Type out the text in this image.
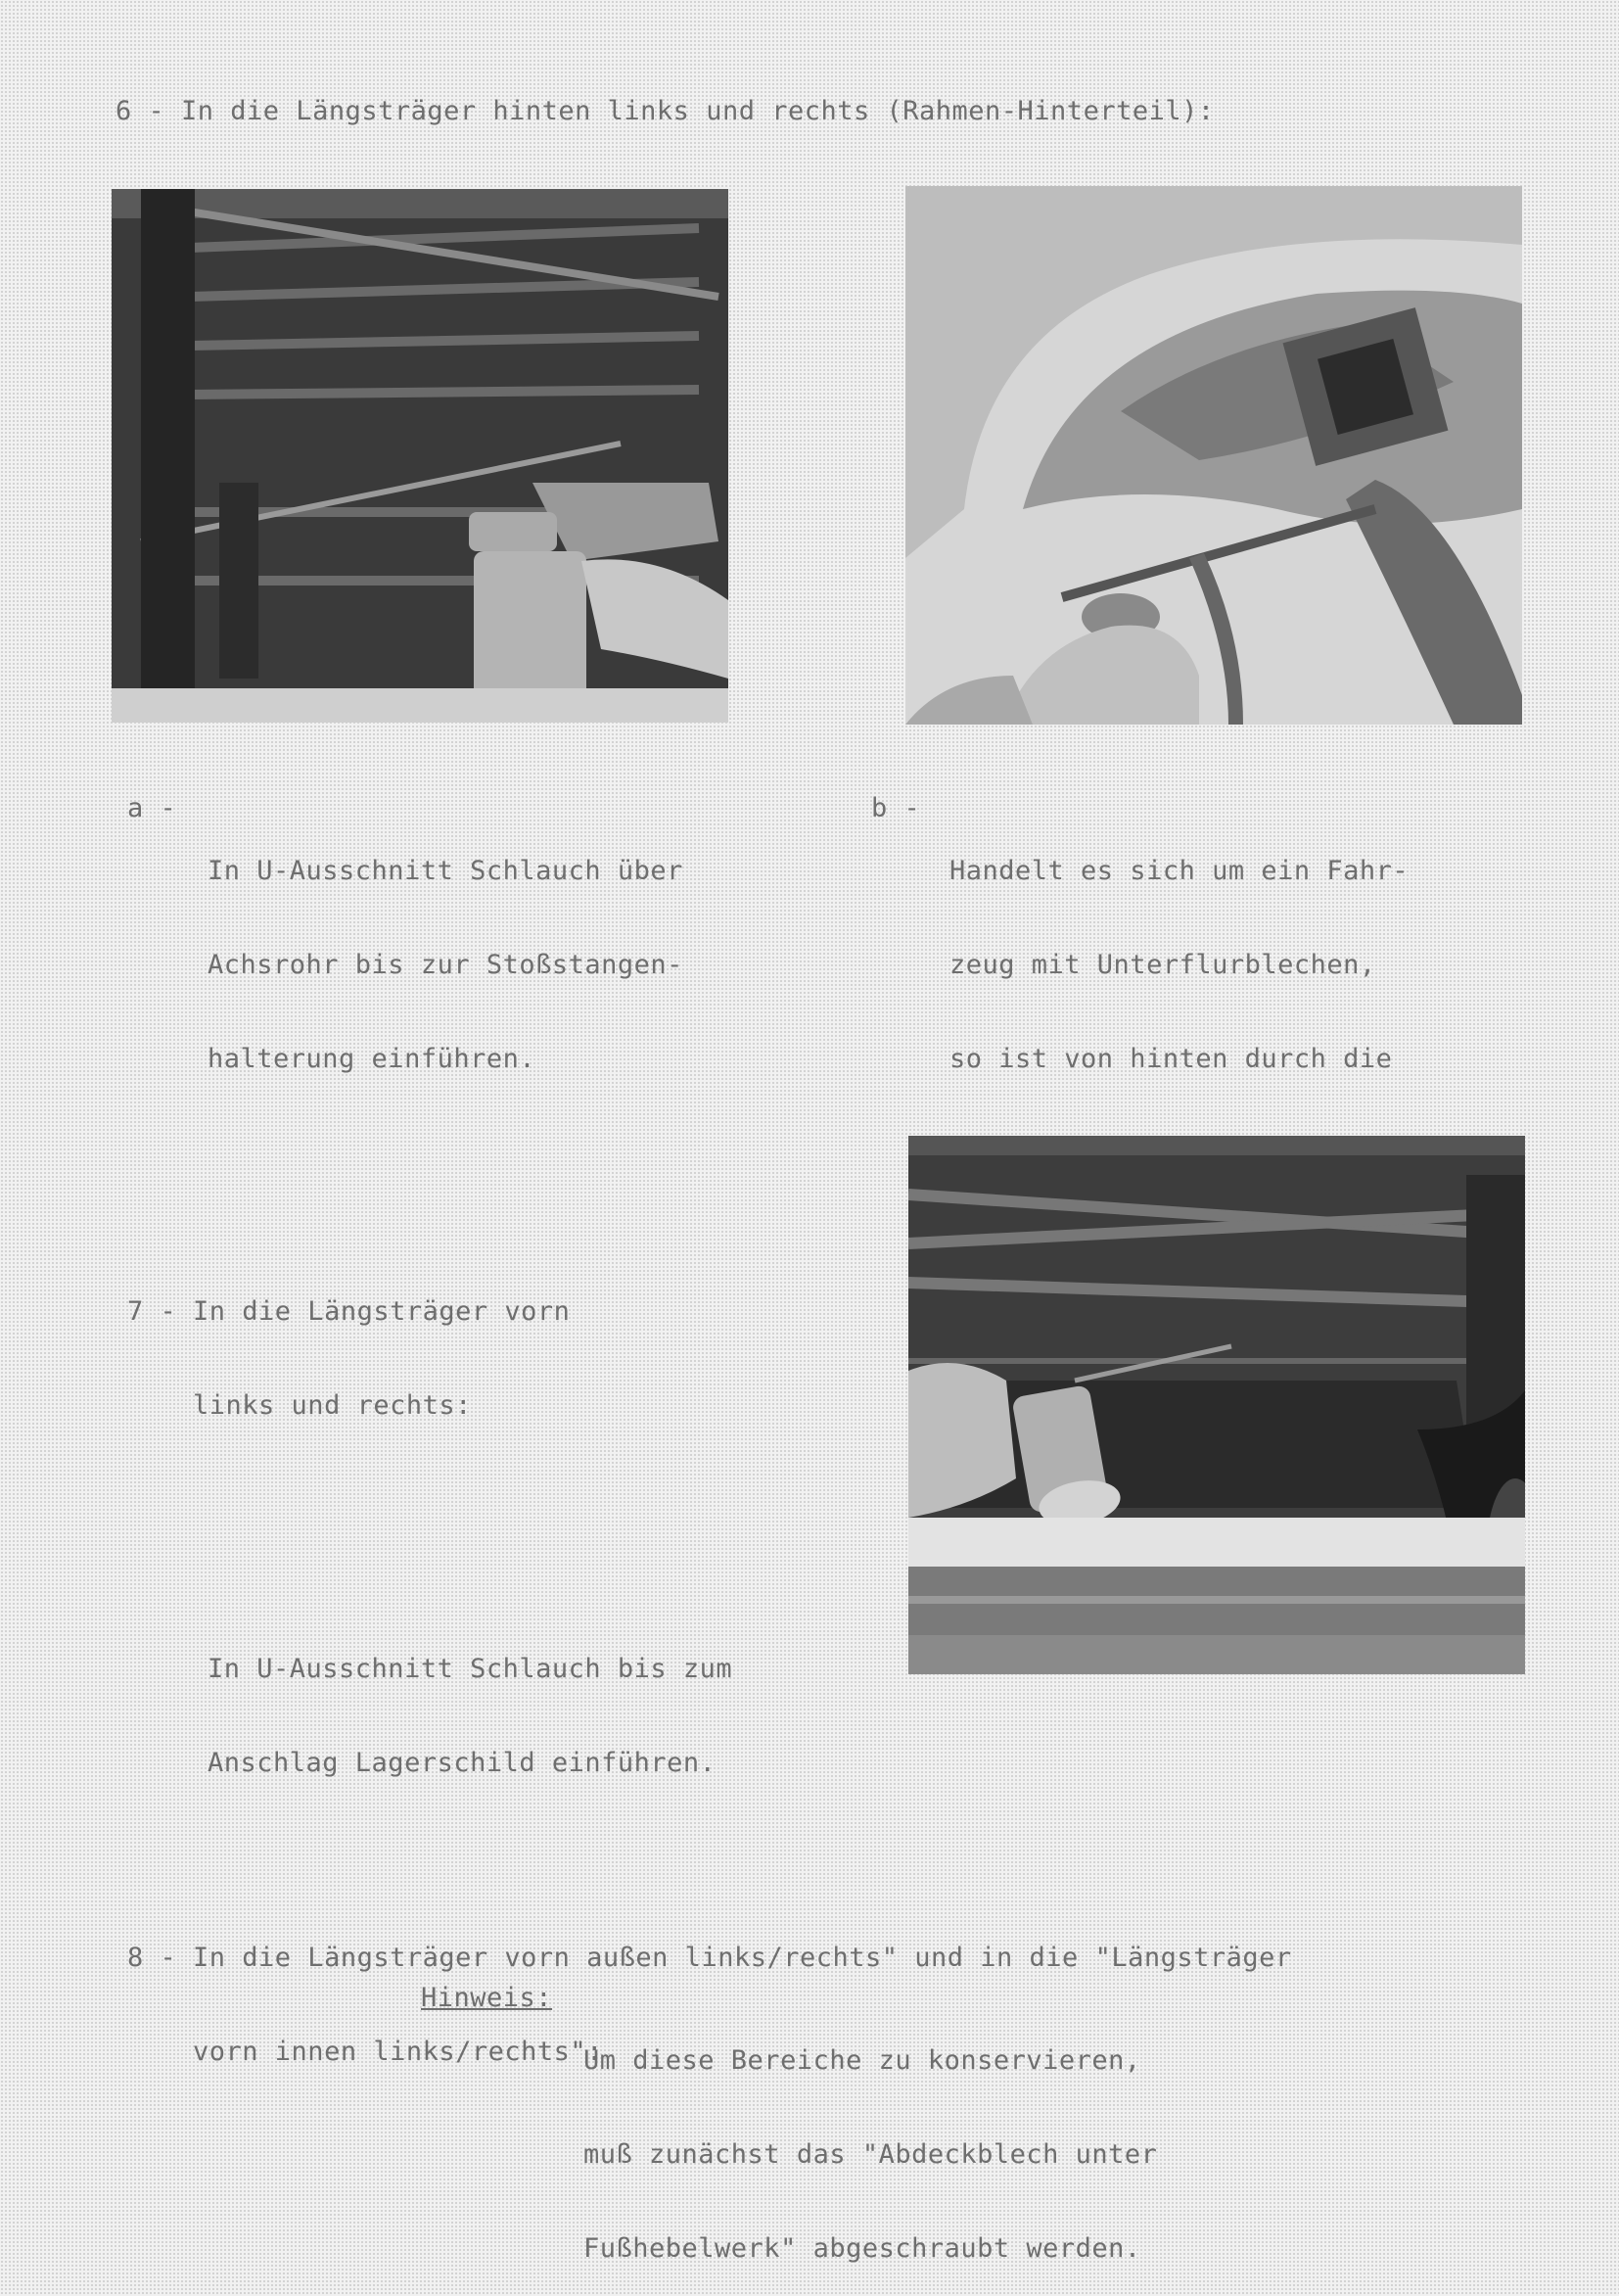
6 - In die Längsträger hinten links und rechts (Rahmen-Hinterteil):
a -

In U-Ausschnitt Schlauch über

Achsrohr bis zur Stoßstangen-

halterung einführen.

b -

Handelt es sich um ein Fahr-

zeug mit Unterflurblechen,

so ist von hinten durch die

7 - In die Längsträger vorn

links und rechts:

In U-Ausschnitt Schlauch bis zum

Anschlag Lagerschild einführen.

8 - In die Längsträger vorn außen links/rechts" und in die "Längsträger

vorn innen links/rechts":

Hinweis:

Um diese Bereiche zu konservieren,

muß zunächst das "Abdeckblech unter

Fußhebelwerk" abgeschraubt werden.
